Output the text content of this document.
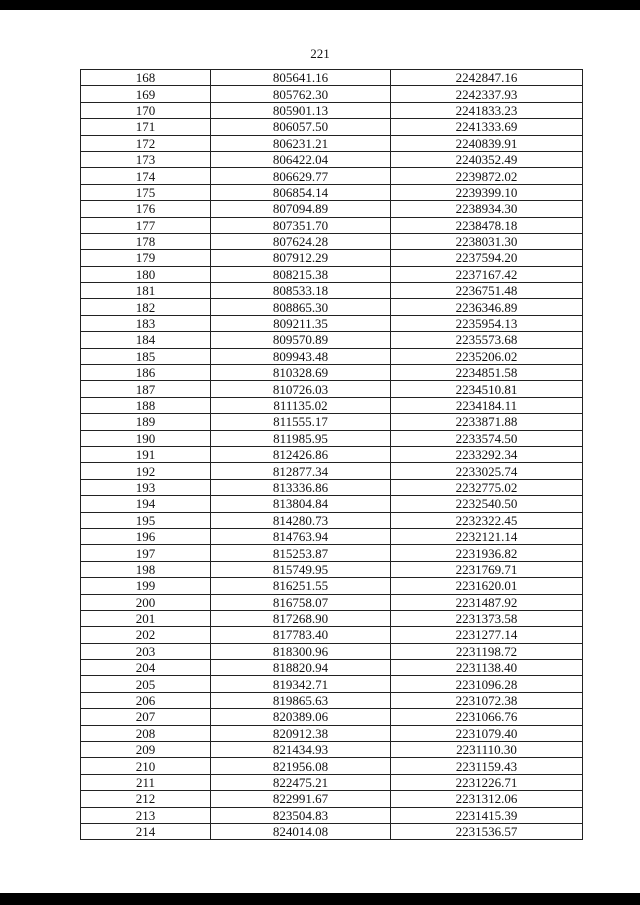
221
168	805641.16	2242847.16
169	805762.30	2242337.93
170	805901.13	2241833.23
171	806057.50	2241333.69
172	806231.21	2240839.91
173	806422.04	2240352.49
174	806629.77	2239872.02
175	806854.14	2239399.10
176	807094.89	2238934.30
177	807351.70	2238478.18
178	807624.28	2238031.30
179	807912.29	2237594.20
180	808215.38	2237167.42
181	808533.18	2236751.48
182	808865.30	2236346.89
183	809211.35	2235954.13
184	809570.89	2235573.68
185	809943.48	2235206.02
186	810328.69	2234851.58
187	810726.03	2234510.81
188	811135.02	2234184.11
189	811555.17	2233871.88
190	811985.95	2233574.50
191	812426.86	2233292.34
192	812877.34	2233025.74
193	813336.86	2232775.02
194	813804.84	2232540.50
195	814280.73	2232322.45
196	814763.94	2232121.14
197	815253.87	2231936.82
198	815749.95	2231769.71
199	816251.55	2231620.01
200	816758.07	2231487.92
201	817268.90	2231373.58
202	817783.40	2231277.14
203	818300.96	2231198.72
204	818820.94	2231138.40
205	819342.71	2231096.28
206	819865.63	2231072.38
207	820389.06	2231066.76
208	820912.38	2231079.40
209	821434.93	2231110.30
210	821956.08	2231159.43
211	822475.21	2231226.71
212	822991.67	2231312.06
213	823504.83	2231415.39
214	824014.08	2231536.57
